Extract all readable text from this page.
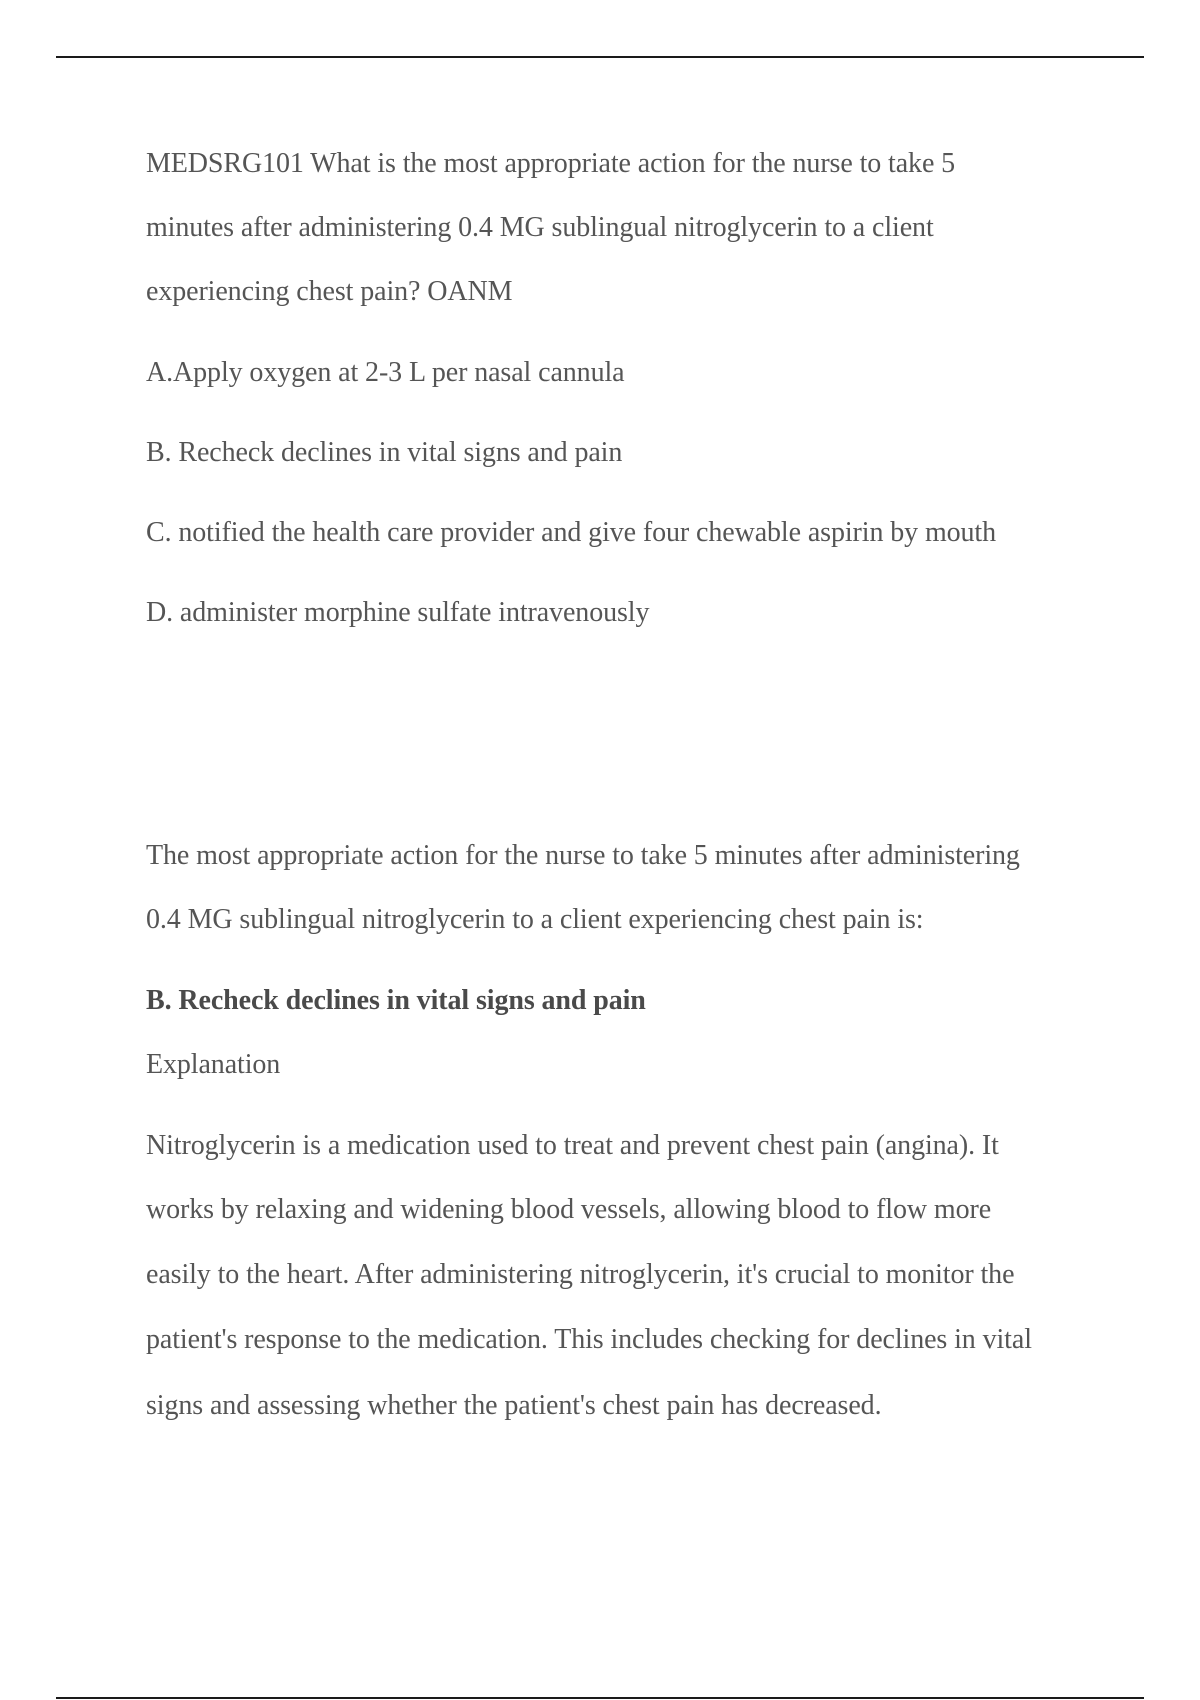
MEDSRG101 What is the most appropriate action for the nurse to take 5
minutes after administering 0.4 MG sublingual nitroglycerin to a client
experiencing chest pain? OANM
A.Apply oxygen at 2-3 L per nasal cannula
B. Recheck declines in vital signs and pain
C. notified the health care provider and give four chewable aspirin by mouth
D. administer morphine sulfate intravenously
The most appropriate action for the nurse to take 5 minutes after administering
0.4 MG sublingual nitroglycerin to a client experiencing chest pain is:
B. Recheck declines in vital signs and pain
Explanation
Nitroglycerin is a medication used to treat and prevent chest pain (angina). It
works by relaxing and widening blood vessels, allowing blood to flow more
easily to the heart. After administering nitroglycerin, it's crucial to monitor the
patient's response to the medication. This includes checking for declines in vital
signs and assessing whether the patient's chest pain has decreased.
